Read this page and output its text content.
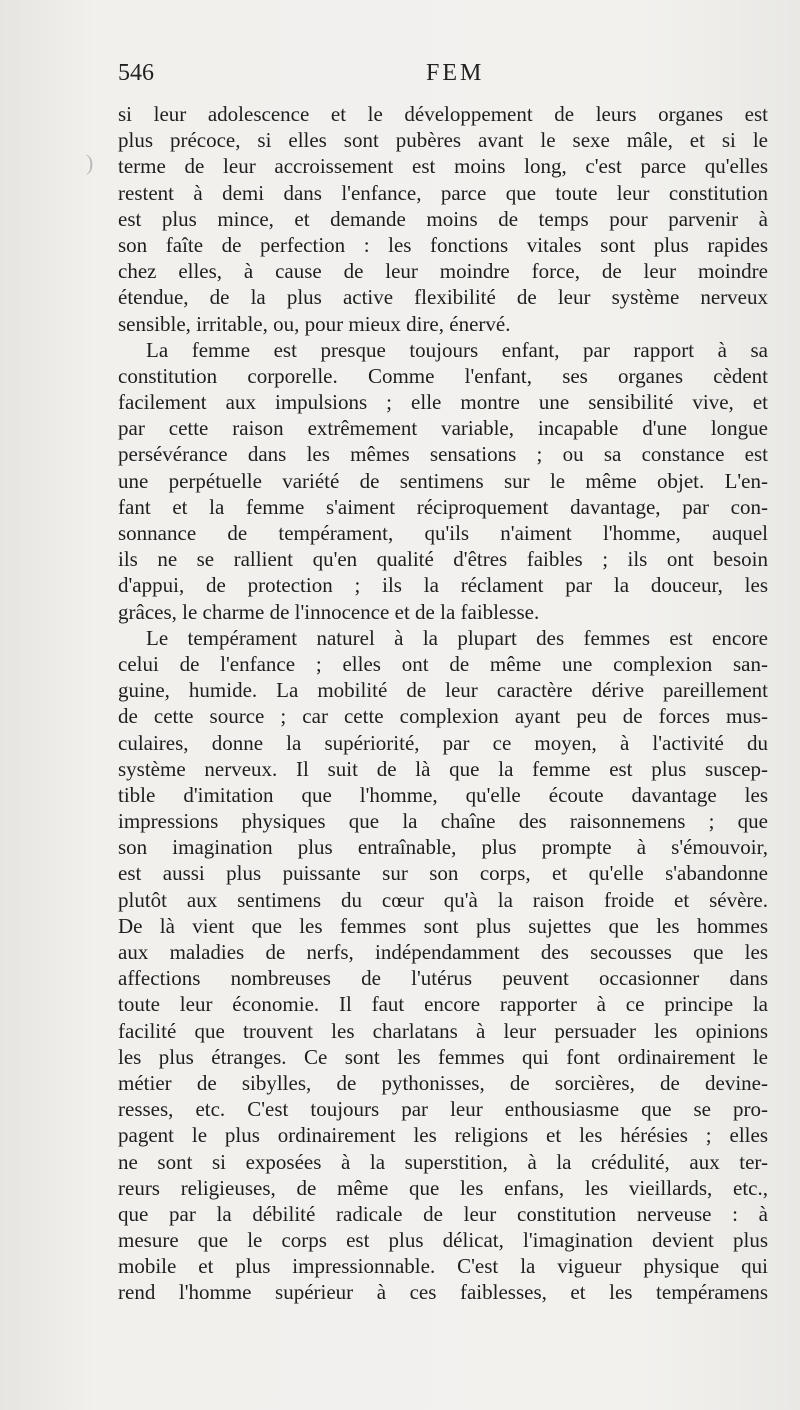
546	FEM
)
si leur adolescence et le développement de leurs organes est
plus précoce, si elles sont pubères avant le sexe mâle, et si le
terme de leur accroissement est moins long, c'est parce qu'elles
restent à demi dans l'enfance, parce que toute leur constitution
est plus mince, et demande moins de temps pour parvenir à
son faîte de perfection : les fonctions vitales sont plus rapides
chez elles, à cause de leur moindre force, de leur moindre
étendue, de la plus active flexibilité de leur système nerveux
sensible, irritable, ou, pour mieux dire, énervé.
La femme est presque toujours enfant, par rapport à sa
constitution corporelle. Comme l'enfant, ses organes cèdent
facilement aux impulsions ; elle montre une sensibilité vive, et
par cette raison extrêmement variable, incapable d'une longue
persévérance dans les mêmes sensations ; ou sa constance est
une perpétuelle variété de sentimens sur le même objet. L'en-
fant et la femme s'aiment réciproquement davantage, par con-
sonnance de tempérament, qu'ils n'aiment l'homme, auquel
ils ne se rallient qu'en qualité d'êtres faibles ; ils ont besoin
d'appui, de protection ; ils la réclament par la douceur, les
grâces, le charme de l'innocence et de la faiblesse.
Le tempérament naturel à la plupart des femmes est encore
celui de l'enfance ; elles ont de même une complexion san-
guine, humide. La mobilité de leur caractère dérive pareillement
de cette source ; car cette complexion ayant peu de forces mus-
culaires, donne la supériorité, par ce moyen, à l'activité du
système nerveux. Il suit de là que la femme est plus suscep-
tible d'imitation que l'homme, qu'elle écoute davantage les
impressions physiques que la chaîne des raisonnemens ; que
son imagination plus entraînable, plus prompte à s'émouvoir,
est aussi plus puissante sur son corps, et qu'elle s'abandonne
plutôt aux sentimens du cœur qu'à la raison froide et sévère.
De là vient que les femmes sont plus sujettes que les hommes
aux maladies de nerfs, indépendamment des secousses que les
affections nombreuses de l'utérus peuvent occasionner dans
toute leur économie. Il faut encore rapporter à ce principe la
facilité que trouvent les charlatans à leur persuader les opinions
les plus étranges. Ce sont les femmes qui font ordinairement le
métier de sibylles, de pythonisses, de sorcières, de devine-
resses, etc. C'est toujours par leur enthousiasme que se pro-
pagent le plus ordinairement les religions et les hérésies ; elles
ne sont si exposées à la superstition, à la crédulité, aux ter-
reurs religieuses, de même que les enfans, les vieillards, etc.,
que par la débilité radicale de leur constitution nerveuse : à
mesure que le corps est plus délicat, l'imagination devient plus
mobile et plus impressionnable. C'est la vigueur physique qui
rend l'homme supérieur à ces faiblesses, et les tempéramens
